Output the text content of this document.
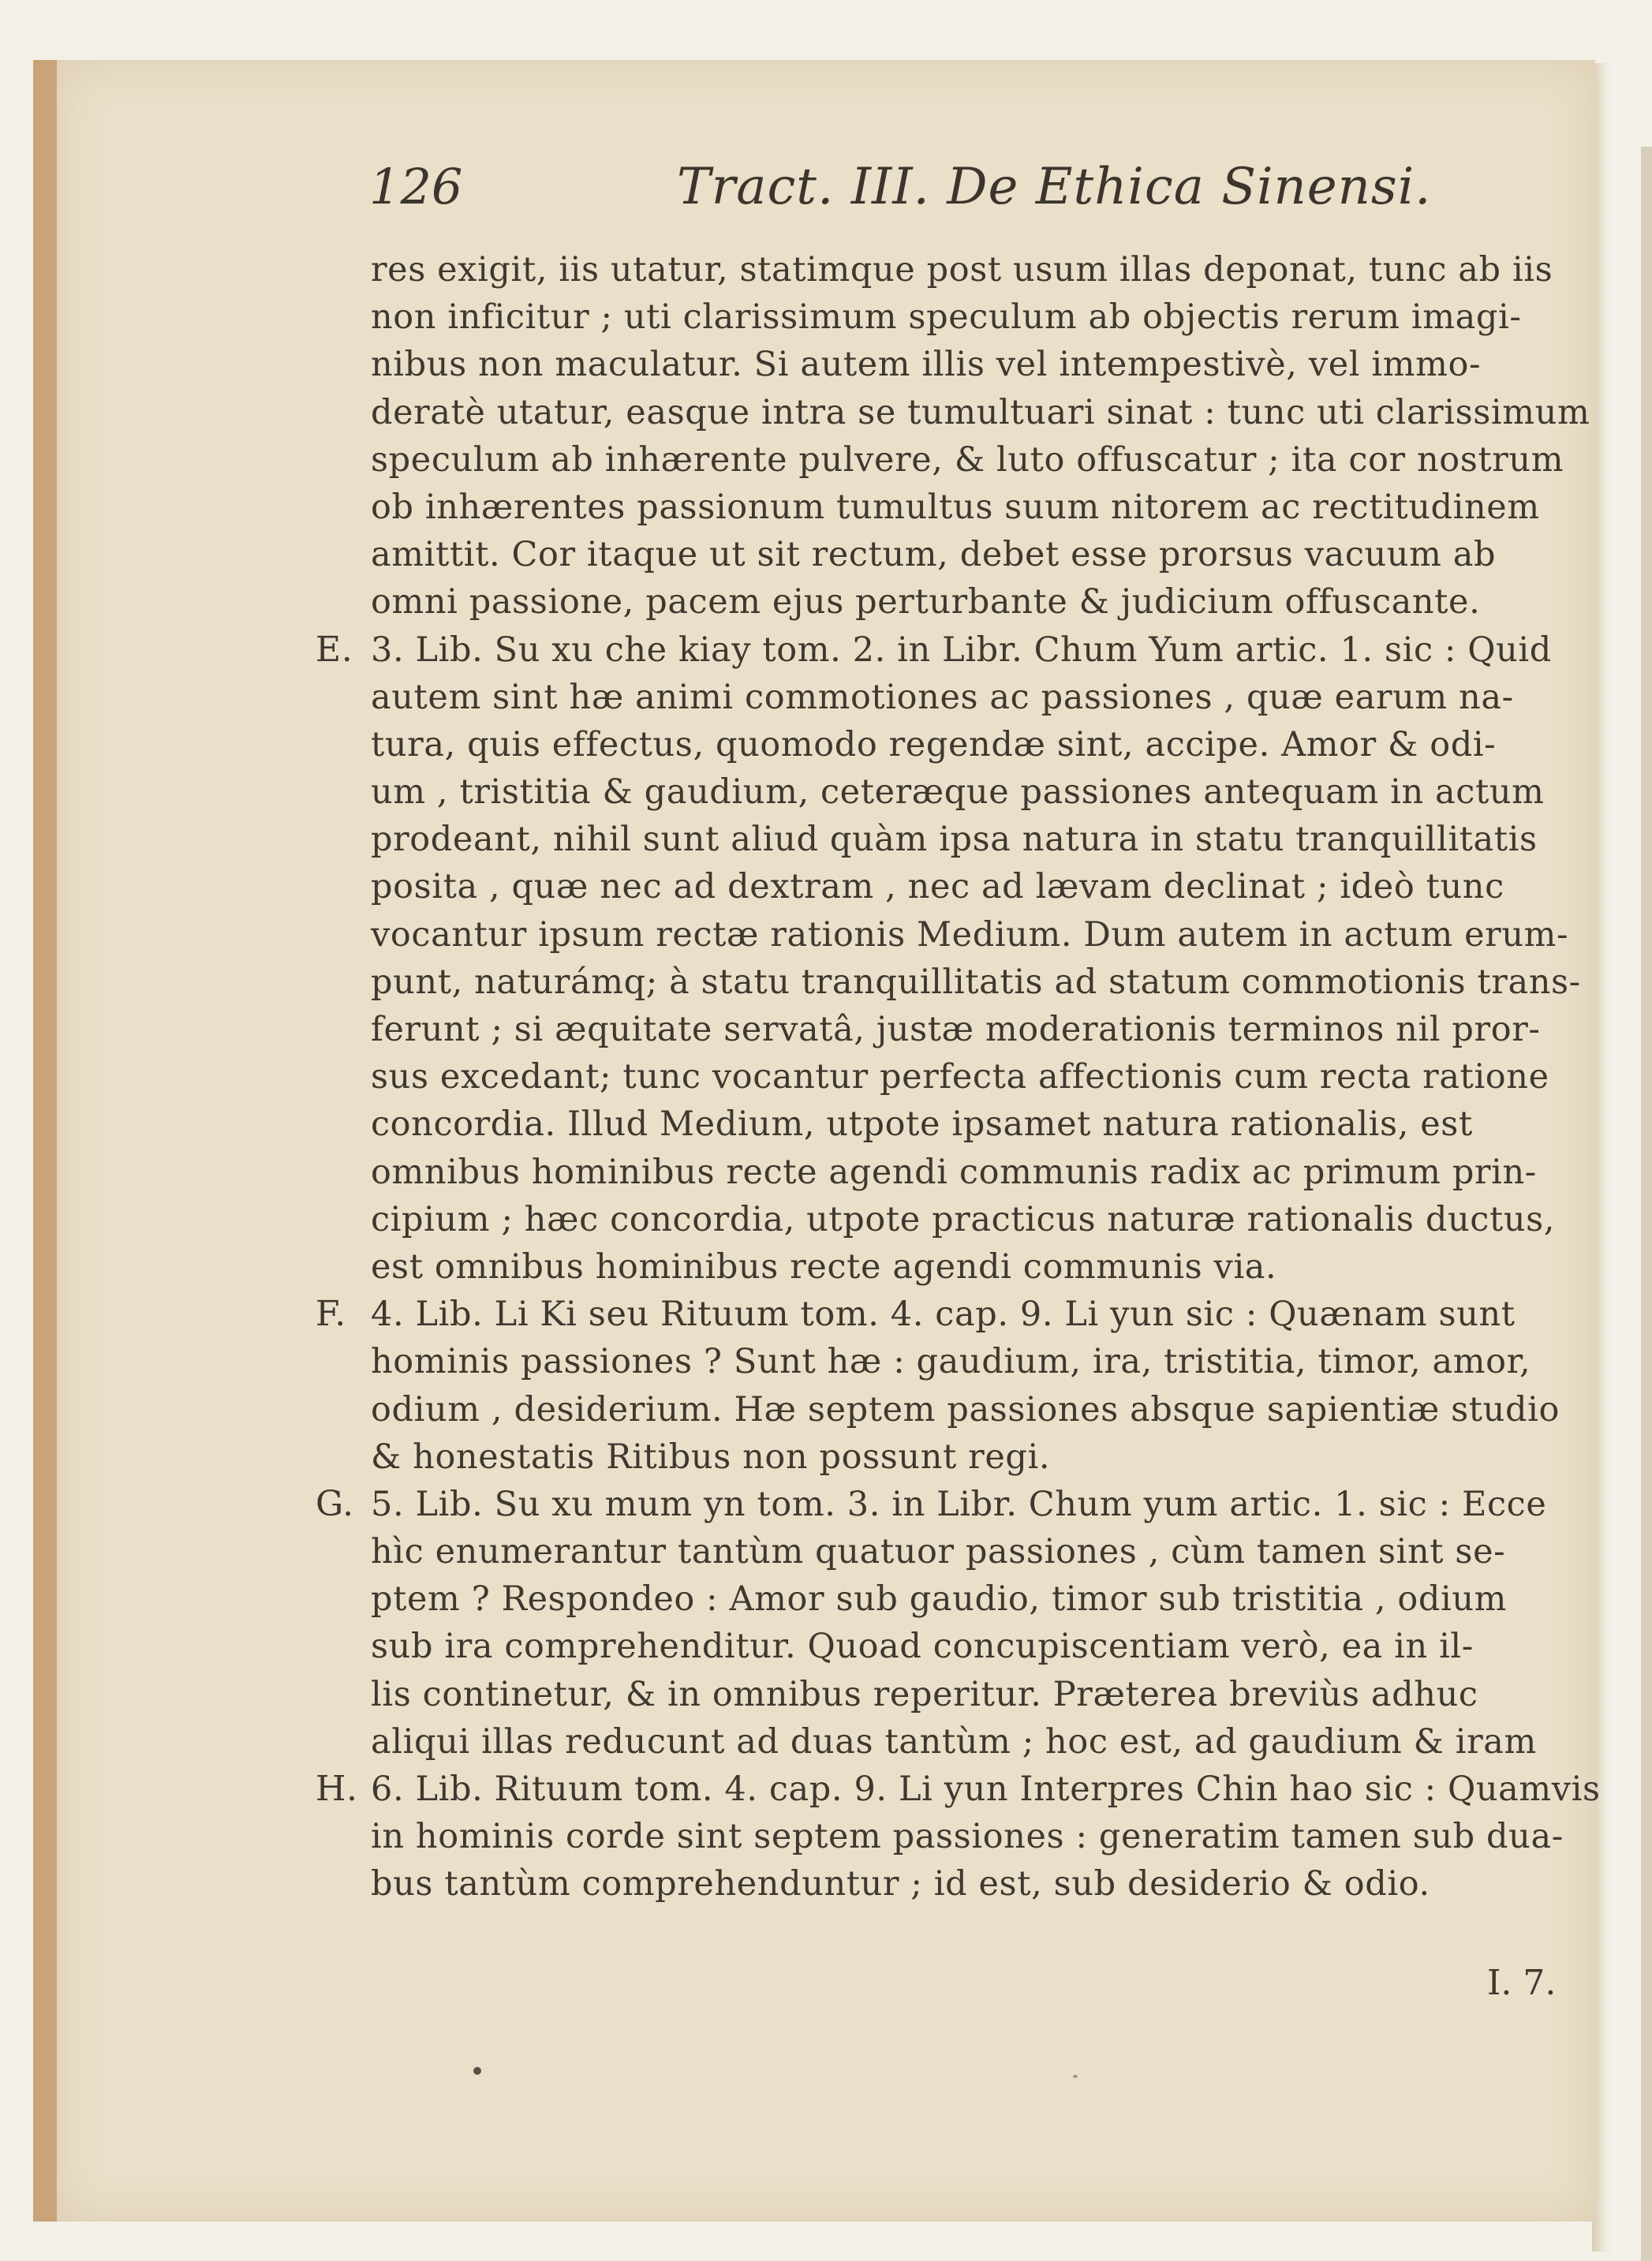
126	Tract. III. De Ethica Sinensi.
res exigit, iis utatur, statimque post usum illas deponat, tunc ab iis
non inficitur ; uti clarissimum speculum ab objectis rerum imagi-
nibus non maculatur. Si autem illis vel intempestivè, vel immo-
deratè utatur, easque intra se tumultuari sinat : tunc uti clarissimum
speculum ab inhærente pulvere, & luto offuscatur ; ita cor nostrum
ob inhærentes passionum tumultus suum nitorem ac rectitudinem
amittit. Cor itaque ut sit rectum, debet esse prorsus vacuum ab
omni passione, pacem ejus perturbante & judicium offuscante.
E. 3. Lib. Su xu che kiay tom. 2. in Libr. Chum Yum artic. 1. sic : Quid
autem sint hæ animi commotiones ac passiones , quæ earum na-
tura, quis effectus, quomodo regendæ sint, accipe. Amor & odi-
um , tristitia & gaudium, ceteræque passiones antequam in actum
prodeant, nihil sunt aliud quàm ipsa natura in statu tranquillitatis
posita , quæ nec ad dextram , nec ad lævam declinat ; ideò tunc
vocantur ipsum rectæ rationis Medium. Dum autem in actum erum-
punt, naturámq; à statu tranquillitatis ad statum commotionis trans-
ferunt ; si æquitate servatâ, justæ moderationis terminos nil pror-
sus excedant; tunc vocantur perfecta affectionis cum recta ratione
concordia. Illud Medium, utpote ipsamet natura rationalis, est
omnibus hominibus recte agendi communis radix ac primum prin-
cipium ; hæc concordia, utpote practicus naturæ rationalis ductus,
est omnibus hominibus recte agendi communis via.
F. 4. Lib. Li Ki seu Rituum tom. 4. cap. 9. Li yun sic : Quænam sunt
hominis passiones ? Sunt hæ : gaudium, ira, tristitia, timor, amor,
odium , desiderium. Hæ septem passiones absque sapientiæ studio
& honestatis Ritibus non possunt regi.
G. 5. Lib. Su xu mum yn tom. 3. in Libr. Chum yum artic. 1. sic : Ecce
hìc enumerantur tantùm quatuor passiones , cùm tamen sint se-
ptem ? Respondeo : Amor sub gaudio, timor sub tristitia , odium
sub ira comprehenditur. Quoad concupiscentiam verò, ea in il-
lis continetur, & in omnibus reperitur. Præterea breviùs adhuc
aliqui illas reducunt ad duas tantùm ; hoc est, ad gaudium & iram
H. 6. Lib. Rituum tom. 4. cap. 9. Li yun Interpres Chin hao sic : Quamvis
in hominis corde sint septem passiones : generatim tamen sub dua-
bus tantùm comprehenduntur ; id est, sub desiderio & odio.
I. 7.
